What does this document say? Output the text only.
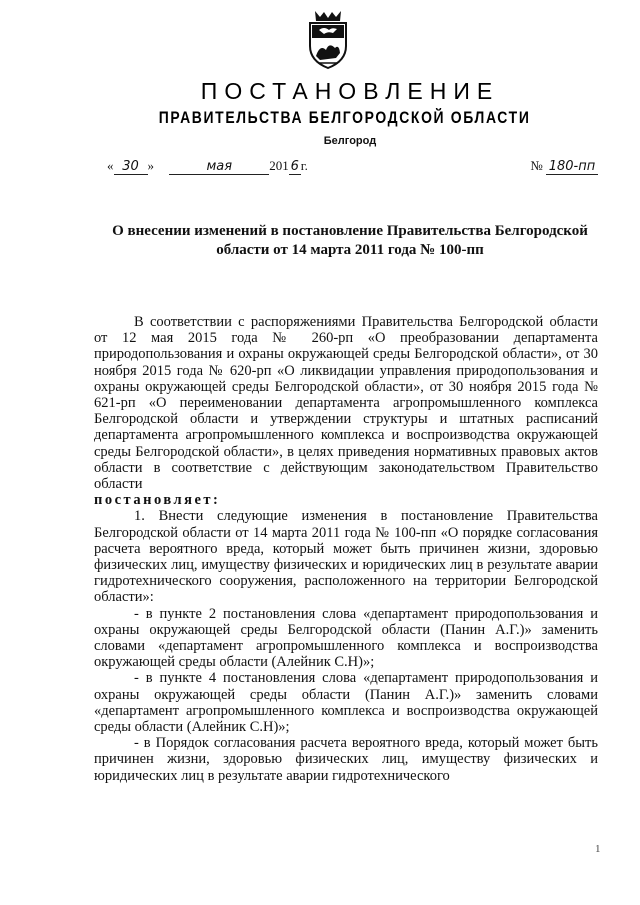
ПОСТАНОВЛЕНИЕ
ПРАВИТЕЛЬСТВА БЕЛГОРОДСКОЙ ОБЛАСТИ
Белгород
« 30 »	мая	201 6 г.	№ 180-пп
О внесении изменений в постановление Правительства Белгородской области от 14 марта 2011 года № 100-пп

В соответствии с распоряжениями Правительства Белгородской области от 12 мая 2015 года № 260-рп «О преобразовании департамента природопользования и охраны окружающей среды Белгородской области», от 30 ноября 2015 года № 620-рп «О ликвидации управления природопользования и охраны окружающей среды Белгородской области», от 30 ноября 2015 года № 621-рп «О переименовании департамента агропромышленного комплекса Белгородской области и утверждении структуры и штатных расписаний департамента агропромышленного комплекса и воспроизводства окружающей среды Белгородской области», в целях приведения нормативных правовых актов области в соответствие с действующим законодательством Правительство области

постановляет:

1. Внести следующие изменения в постановление Правительства Белгородской области от 14 марта 2011 года № 100-пп «О порядке согласования расчета вероятного вреда, который может быть причинен жизни, здоровью физических лиц, имуществу физических и юридических лиц в результате аварии гидротехнического сооружения, расположенного на территории Белгородской области»:

- в пункте 2 постановления слова «департамент природопользования и охраны окружающей среды Белгородской области (Панин А.Г.)» заменить словами «департамент агропромышленного комплекса и воспроизводства окружающей среды области (Алейник С.Н)»;

- в пункте 4 постановления слова «департамент природопользования и охраны окружающей среды области (Панин А.Г.)» заменить словами «департамент агропромышленного комплекса и воспроизводства окружающей среды области (Алейник С.Н)»;

- в Порядок согласования расчета вероятного вреда, который может быть причинен жизни, здоровью физических лиц, имуществу физических и юридических лиц в результате аварии гидротехнического

1
